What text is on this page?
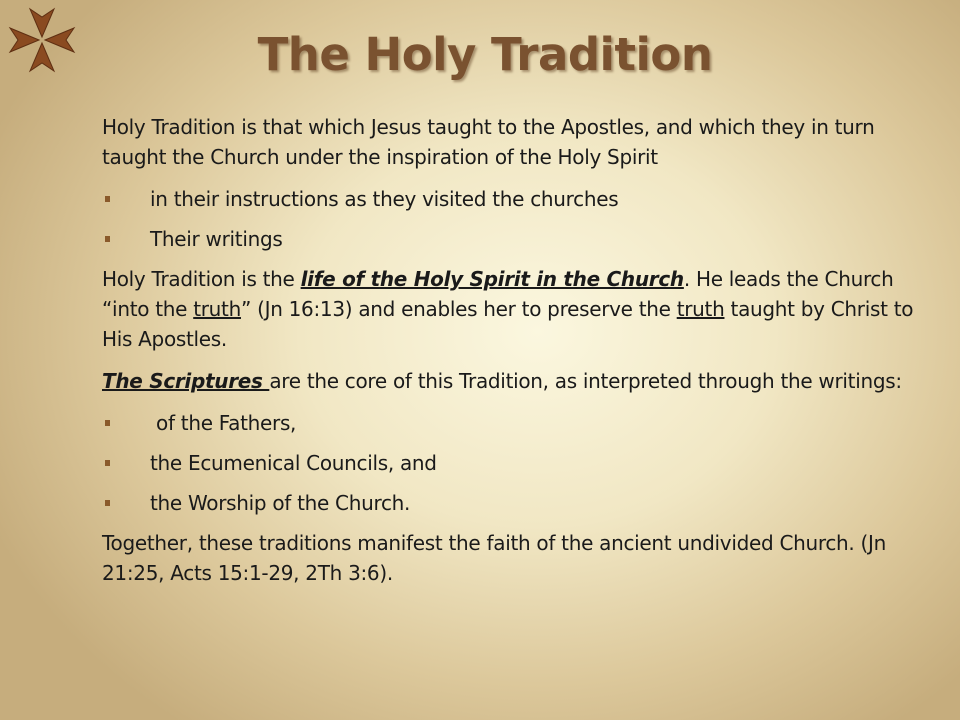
The Holy Tradition

Holy Tradition is that which Jesus taught to the Apostles, and which they in turn taught the Church under the inspiration of the Holy Spirit

in their instructions as they visited the churches
Their writings

Holy Tradition is the life of the Holy Spirit in the Church. He leads the Church “into the truth” (Jn 16:13) and enables her to preserve the truth taught by Christ to His Apostles.

The Scriptures are the core of this Tradition, as interpreted through the writings:

of the Fathers,
the Ecumenical Councils, and
the Worship of the Church.

Together, these traditions manifest the faith of the ancient undivided Church. (Jn 21:25, Acts 15:1-29, 2Th 3:6).
